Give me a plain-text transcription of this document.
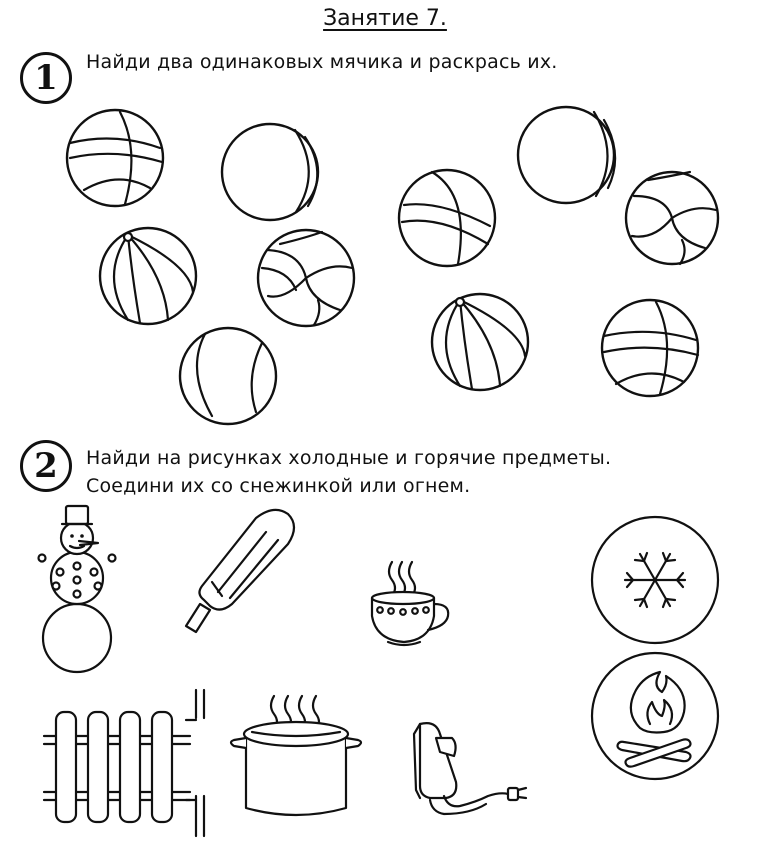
Занятие 7.
1 Найди два одинаковых мячика и раскрась их.
2 Найди на рисунках холодные и горячие предметы.
Соедини их со снежинкой или огнем.
